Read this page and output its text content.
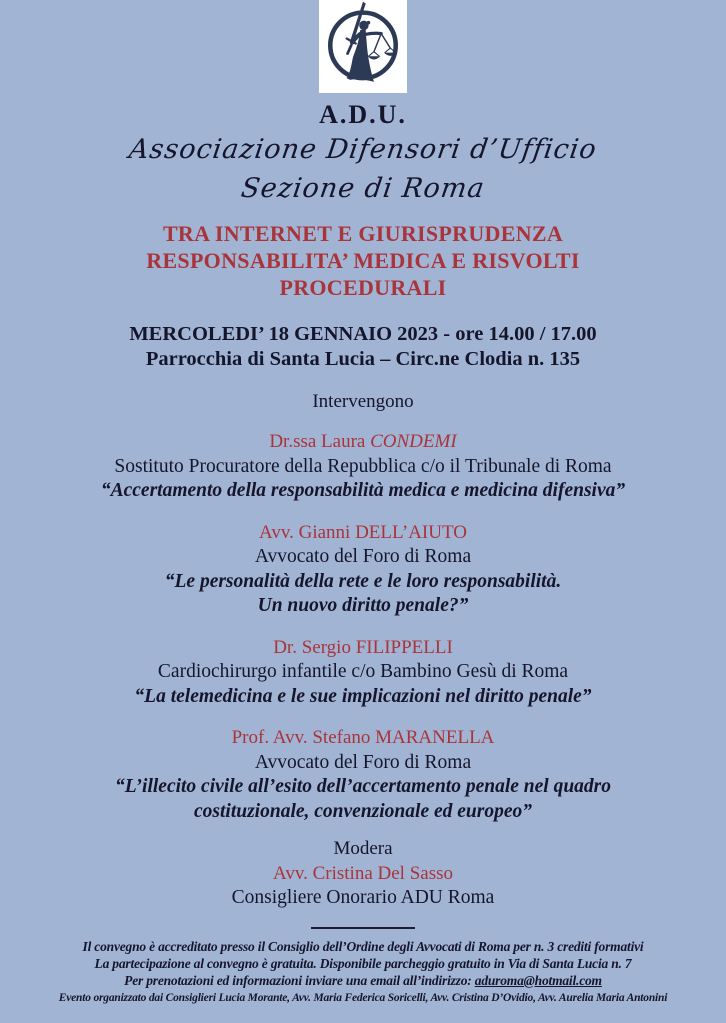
A.D.U.
Associazione Difensori d’Ufficio
Sezione di Roma
TRA INTERNET E GIURISPRUDENZA
RESPONSABILITA’ MEDICA E RISVOLTI
PROCEDURALI
MERCOLEDI’ 18 GENNAIO 2023 - ore 14.00 / 17.00
Parrocchia di Santa Lucia – Circ.ne Clodia n. 135
Intervengono
Dr.ssa Laura CONDEMI
Sostituto Procuratore della Repubblica c/o il Tribunale di Roma
“Accertamento della responsabilità medica e medicina difensiva”
Avv. Gianni DELL’AIUTO
Avvocato del Foro di Roma
“Le personalità della rete e le loro responsabilità.
Un nuovo diritto penale?”
Dr. Sergio FILIPPELLI
Cardiochirurgo infantile c/o Bambino Gesù di Roma
“La telemedicina e le sue implicazioni nel diritto penale”
Prof. Avv. Stefano MARANELLA
Avvocato del Foro di Roma
“L’illecito civile all’esito dell’accertamento penale nel quadro
costituzionale, convenzionale ed europeo”
Modera
Avv. Cristina Del Sasso
Consigliere Onorario ADU Roma
Il convegno è accreditato presso il Consiglio dell’Ordine degli Avvocati di Roma per n. 3 crediti formativi
La partecipazione al convegno è gratuita. Disponibile parcheggio gratuito in Via di Santa Lucia n. 7
Per prenotazioni ed informazioni inviare una email all’indirizzo: aduroma@hotmail.com
Evento organizzato dai Consiglieri Lucia Morante, Avv. Maria Federica Soricelli, Avv. Cristina D’Ovidio, Avv. Aurelia Maria Antonini
